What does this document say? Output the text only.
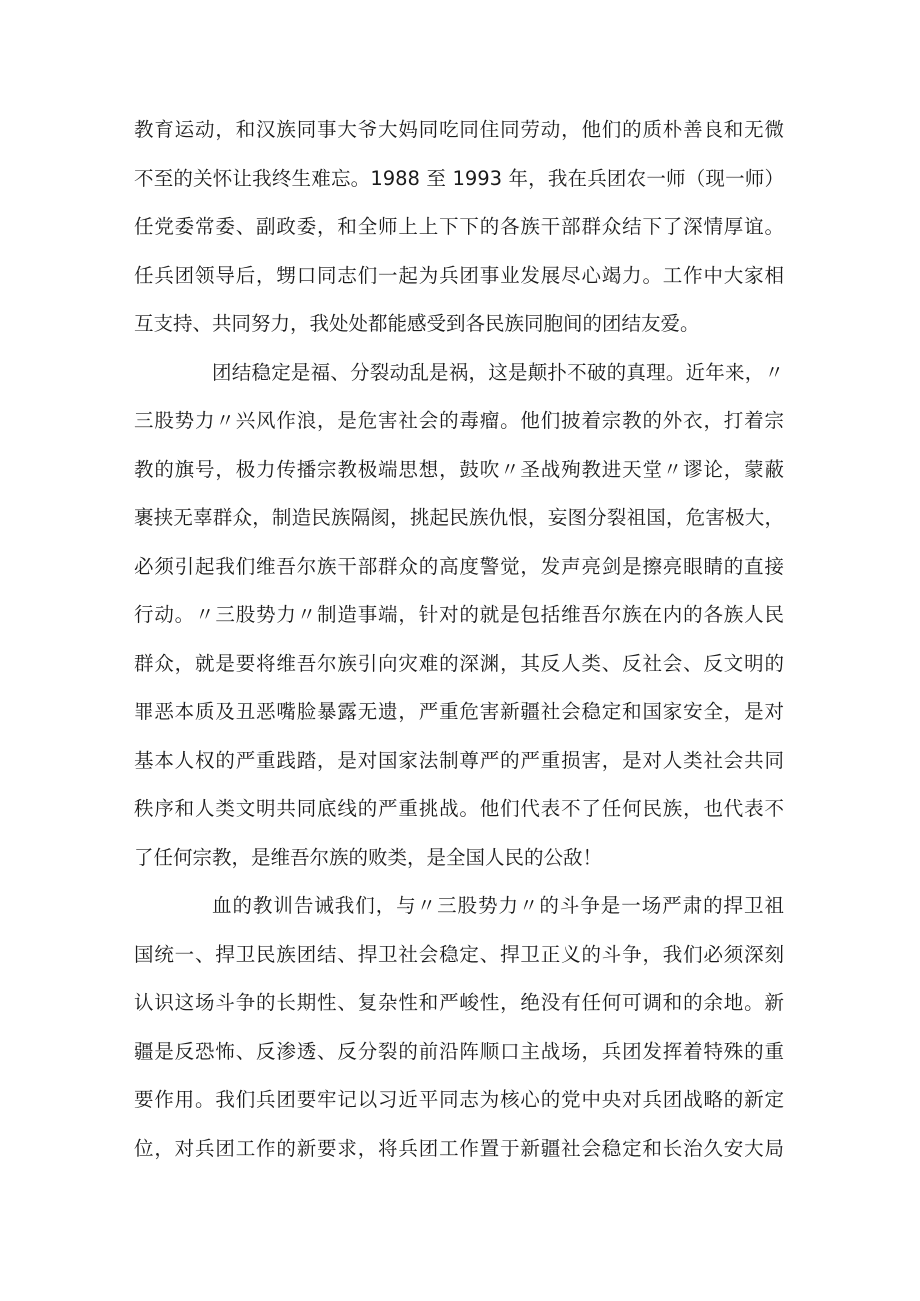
教育运动，和汉族同事大爷大妈同吃同住同劳动，他们的质朴善良和无微
不至的关怀让我终生难忘。1988 至 1993 年，我在兵团农一师（现一师）
任党委常委、副政委，和全师上上下下的各族干部群众结下了深情厚谊。
任兵团领导后，甥口同志们一起为兵团事业发展尽心竭力。工作中大家相
互支持、共同努力，我处处都能感受到各民族同胞间的团结友爱。
团结稳定是福、分裂动乱是祸，这是颠扑不破的真理。近年来，〃
三股势力〃兴风作浪，是危害社会的毒瘤。他们披着宗教的外衣，打着宗
教的旗号，极力传播宗教极端思想，鼓吹〃圣战殉教进天堂〃谬论，蒙蔽
裹挟无辜群众，制造民族隔阂，挑起民族仇恨，妄图分裂祖国，危害极大，
必须引起我们维吾尔族干部群众的高度警觉，发声亮剑是擦亮眼睛的直接
行动。〃三股势力〃制造事端，针对的就是包括维吾尔族在内的各族人民
群众，就是要将维吾尔族引向灾难的深渊，其反人类、反社会、反文明的
罪恶本质及丑恶嘴脸暴露无遗，严重危害新疆社会稳定和国家安全，是对
基本人权的严重践踏，是对国家法制尊严的严重损害，是对人类社会共同
秩序和人类文明共同底线的严重挑战。他们代表不了任何民族，也代表不
了任何宗教，是维吾尔族的败类，是全国人民的公敌！
血的教训告诫我们，与〃三股势力〃的斗争是一场严肃的捍卫祖
国统一、捍卫民族团结、捍卫社会稳定、捍卫正义的斗争，我们必须深刻
认识这场斗争的长期性、复杂性和严峻性，绝没有任何可调和的余地。新
疆是反恐怖、反渗透、反分裂的前沿阵顺口主战场，兵团发挥着特殊的重
要作用。我们兵团要牢记以习近平同志为核心的党中央对兵团战略的新定
位，对兵团工作的新要求，将兵团工作置于新疆社会稳定和长治久安大局
